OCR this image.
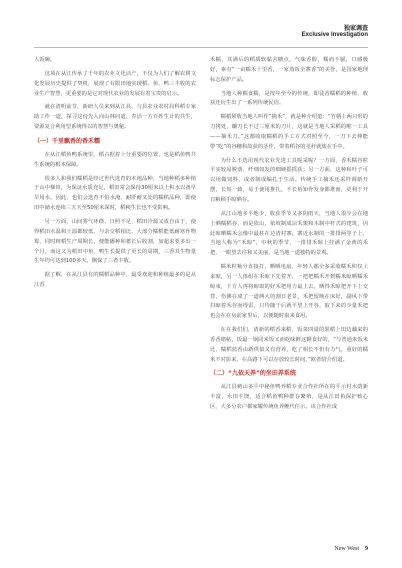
独家调查
Exclusive Investigation

人饭碗。

这项在从江传承了千年的农业文化活产，不仅为人们了解农耕文化发展历史提供了契机，展现了有限田地实现稻、鱼、鸭三丰收的农业生产智慧，更重要的是它对现代农业的发展有着宝贵的启示。

就在清明前节，新研人员来到从江县，与县农业农村局科稻专家助工作一道，探寻这份先人向山林问道，寿活一方百姓生计的共生，资源复合利用型系统得以的智慧与奥秘。

（一）千里飘香的香禾糯

在从江稻鱼鸭系统里，稻占据着十分重要的位置，也是稻鱼鸭共生系统的根本保障。

很多人和我们糯稻是经过世代选育的本地品种，当地种稻多种植于山中梯田，为保证水质充足，稻田常会保持30厘米以上积水以备早旱用水，因此，也们会选育不怕水淹、耐肝耐叉处的糯稻品种，即使田中储水连续三五天至50厘米深时，稻秧生长也不受影响。

另一方面，山间雾气环绕、日照不足，稻田冷源又成自由于，使得稻田水温和土温都较低，与杂交稻相比，大部分糯稻能低耐寒作物霉，同时植稻生产周期长，便能播种和蓄长后收割，加超来要多出一个月。而这又为稻田中鱼、鸭生长提供了更长的周期，三香其生物量生年均可达到100多天，侧保了三者丰收。

据了解，在从江县有的糯稻品种中，最受欢迎和种植最多的是从江香

禾糯，其满后的稻质软黏舍糖点，气味香醇，糯而不腻，口感极好，素有“一亩糯禾十里香，一家蒸饭全寨香”的美誉，是国家地理标志保护产品。

当地人种糯食糯，是按年至今的传统，即徒香糯稻的种植、收获还衍生出了一系列传统民俗。

糯稻须收当地人叫作“摘禾”，就是种介绍道：“竹柄上两只形的刀拷处，镰刀长不过三厘米的刀片，这就是当地人采稻的唯一工具——摘禾刀。”这都收取糯稻的手工方式对照至今，一刀下去伸能带“吃”的谷穗和故获的茎作，带着稻谷的茎秆就簇在手中。

为什么不选用现代农业先进工具呢采呢？一方面，香禾糯谷粒平实较易脱落，纤细如发的细硬摇摇获；另一方面，这种和叶子可以用做饲料，或者制成编扎于生活。传统手工摘禾还采样调新开摆，长短一致，易于使用推扎，不长裕知骨发身都堆而，更利于开日粮顾手晾晒存。

从江山地多平地少，收获季节又多阴雨天，当地人很少会在地上晒糯稻谷，而是依山，依坡制成凉禾架和木制中杆式的建筑，因此晾晒糯禾会像中最柱在边清村寨。寨近水制的一排排两等子上，当地人称为“禾晾”，中秋的季节，一排排禾晾上挂满了金黄的禾把，一眼望去往和又美丽，是当地一道独特的景观。

糯米粒籼分直接打，晒晒电扇，年轻人都全多采收糯禾积仅上来晾，另一人体组在禾晾下先着开，一把把糯禾开到糯米晾晒糯禾晾束，下方人再将晾取的好禾把用力最上去，晒得禾晾把开下上交替，伤佛在成了一道缚大的割日老景，禾把留晚在床好，副风下带扫晾着禾谷而得雷，只待随干后就平望上开谷，取下来的少量禾把也会在在房前家里后，以便随时取来食用。

在在我们们，清新的稻香来稻，饭菜四溢的果稻上田边藕来的香香绪帖，饭最一锅同米饭又而吃味鲜这颗食好的，“与普通米饭米比，糯稻蓝香由新供似又有营养，吃了相长不但有力气，重好的糯米不对影来，在高路下可以存放较长时间，”欧者陪介绍道。

（二）“九依天养”的坐田养系统

从江县刺山多平中秘鱼鸭养稻专业合作社所在的平示村水荫新丰富，水田丰饶，适合稻鱼鸭种群存繁殖，是从江田鱼保护核心区，大多分农户都家耀传统鱼养鲤代任示。该合作社成

New West 9
